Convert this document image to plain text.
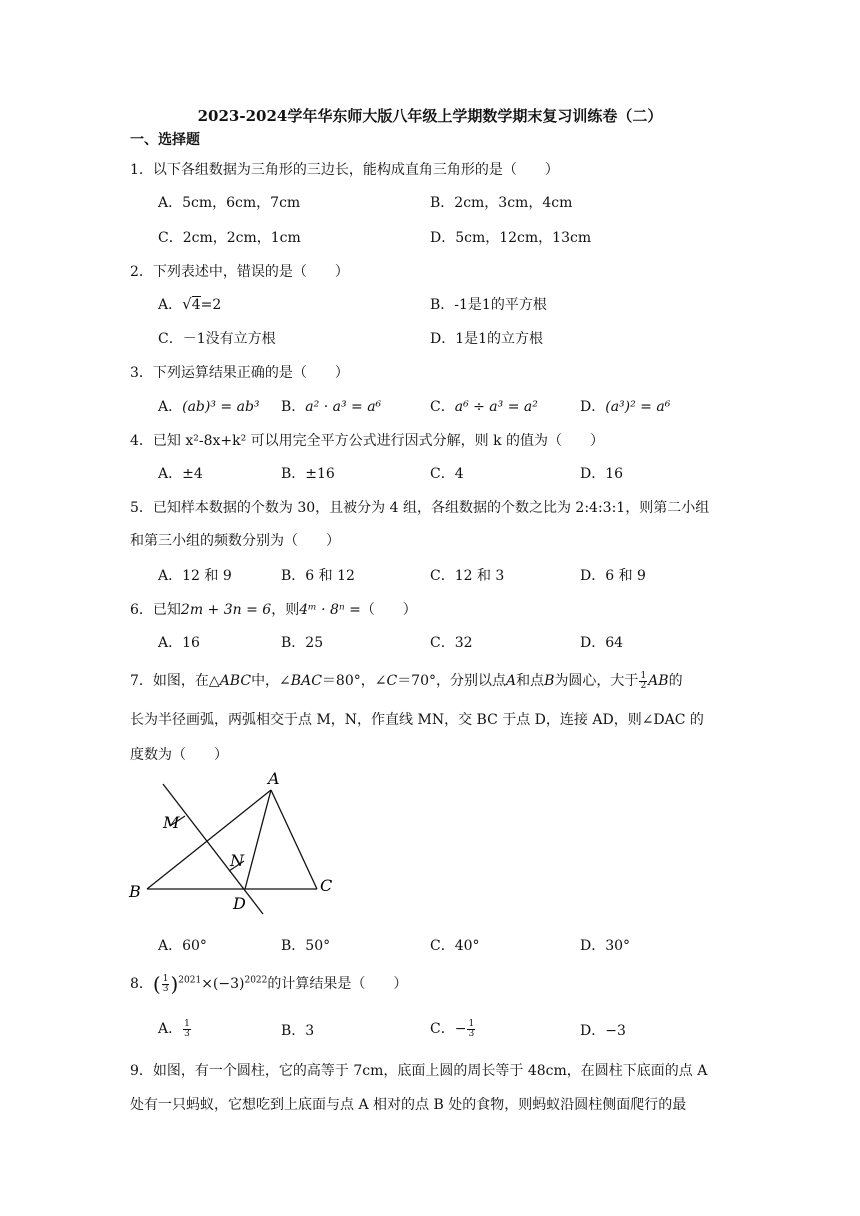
2023-2024学年华东师大版八年级上学期数学期末复习训练卷（二）
一、选择题
1．以下各组数据为三角形的三边长，能构成直角三角形的是（　　）
A．5cm，6cm，7cm	B．2cm，3cm，4cm
C．2cm，2cm，1cm	D．5cm，12cm，13cm
2．下列表述中，错误的是（　　）
A．√4=2	B．-1是1的平方根
C．－1没有立方根	D．1是1的立方根
3．下列运算结果正确的是（　　）
A．(ab)³ = ab³ B．a² · a³ = a⁶	C．a⁶ ÷ a³ = a²	D．(a³)² = a⁶
4．已知 x²-8x+k² 可以用完全平方公式进行因式分解，则 k 的值为（　　）
A．±4	B．±16	C．4	D．16
5．已知样本数据的个数为 30，且被分为 4 组，各组数据的个数之比为 2:4:3:1，则第二小组
和第三小组的频数分别为（　　）
A．12 和 9	B．6 和 12	C．12 和 3	D．6 和 9
6．已知2m + 3n = 6，则4ᵐ · 8ⁿ =（　　）
A．16	B．25	C．32	D．64
7．如图，在△ABC中，∠BAC＝80°，∠C＝70°，分别以点A和点B为圆心，大于 $\frac{1}{2}$ AB的
长为半径画弧，两弧相交于点 M，N，作直线 MN，交 BC 于点 D，连接 AD，则∠DAC 的
度数为（　　）
A
B	C
D
M
N
A．60°	B．50°	C．40°	D．30°
8．( $\frac{1}{3} )^{2021}\times(-3)^{2022}$的计算结果是（　　）
A． $\frac{1}{3}$	B．3	C．− $\frac{1}{3}$	D．−3
9．如图，有一个圆柱，它的高等于 7cm，底面上圆的周长等于 48cm，在圆柱下底面的点 A
处有一只蚂蚁，它想吃到上底面与点 A 相对的点 B 处的食物，则蚂蚁沿圆柱侧面爬行的最
